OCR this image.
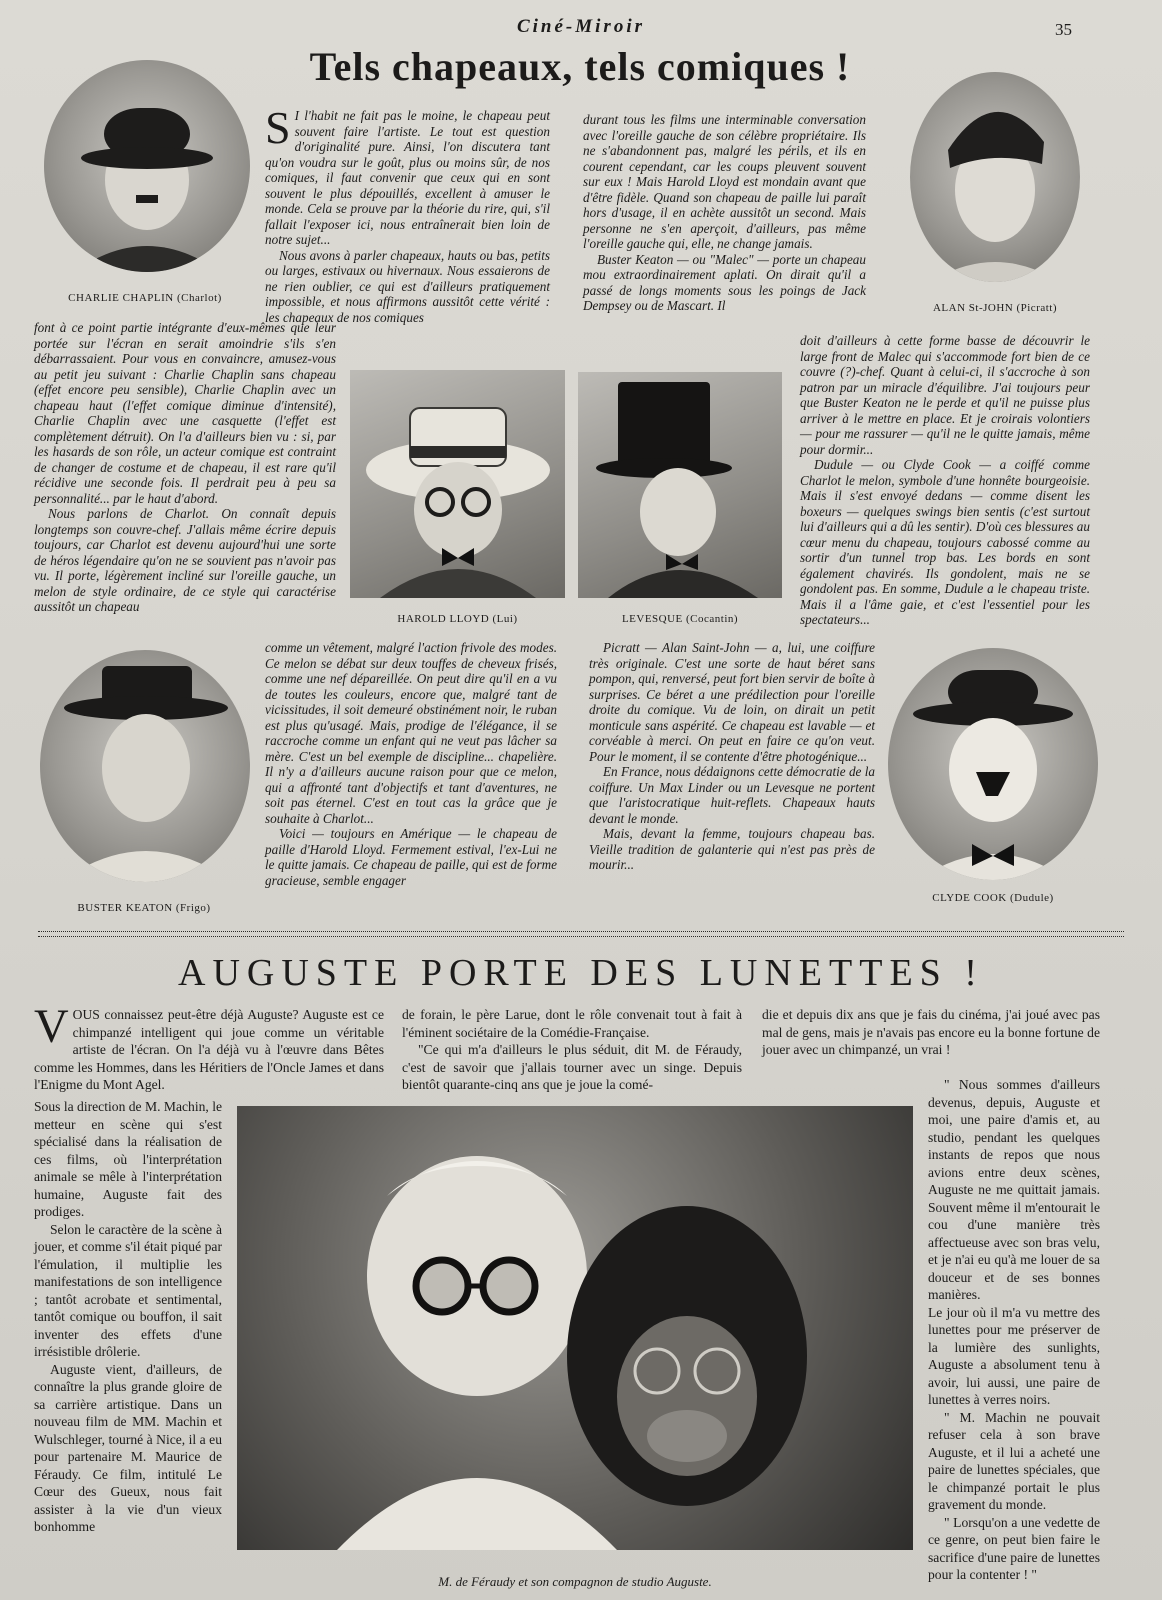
Ciné-Miroir	35
Tels chapeaux, tels comiques !
CHARLIE CHAPLIN (Charlot)
ALAN St-JOHN (Picratt)

S I l'habit ne fait pas le moine, le chapeau peut souvent faire l'artiste. Le tout est question d'originalité pure. Ainsi, l'on discutera tant qu'on voudra sur le goût, plus ou moins sûr, de nos comiques, il faut convenir que ceux qui en sont souvent le plus dépouillés, excellent à amuser le monde. Cela se prouve par la théorie du rire, qui, s'il fallait l'exposer ici, nous entraînerait bien loin de notre sujet...

Nous avons à parler chapeaux, hauts ou bas, petits ou larges, estivaux ou hivernaux. Nous essaierons de ne rien oublier, ce qui est d'ailleurs pratiquement impossible, et nous affirmons aussitôt cette vérité : les chapeaux de nos comiques

durant tous les films une interminable conversation avec l'oreille gauche de son célèbre propriétaire. Ils ne s'abandonnent pas, malgré les périls, et ils en courent cependant, car les coups pleuvent souvent sur eux ! Mais Harold Lloyd est mondain avant que d'être fidèle. Quand son chapeau de paille lui paraît hors d'usage, il en achète aussitôt un second. Mais personne ne s'en aperçoit, d'ailleurs, pas même l'oreille gauche qui, elle, ne change jamais.

Buster Keaton — ou "Malec" — porte un chapeau mou extraordinairement aplati. On dirait qu'il a passé de longs moments sous les poings de Jack Dempsey ou de Mascart. Il

font à ce point partie intégrante d'eux-mêmes que leur portée sur l'écran en serait amoindrie s'ils s'en débarrassaient. Pour vous en convaincre, amusez-vous au petit jeu suivant : Charlie Chaplin sans chapeau (effet encore peu sensible), Charlie Chaplin avec un chapeau haut (l'effet comique diminue d'intensité), Charlie Chaplin avec une casquette (l'effet est complètement détruit). On l'a d'ailleurs bien vu : si, par les hasards de son rôle, un acteur comique est contraint de changer de costume et de chapeau, il est rare qu'il récidive une seconde fois. Il perdrait peu à peu sa personnalité... par le haut d'abord.

Nous parlons de Charlot. On connaît depuis longtemps son couvre-chef. J'allais même écrire depuis toujours, car Charlot est devenu aujourd'hui une sorte de héros légendaire qu'on ne se souvient pas n'avoir pas vu. Il porte, légèrement incliné sur l'oreille gauche, un melon de style ordinaire, de ce style qui caractérise aussitôt un chapeau

doit d'ailleurs à cette forme basse de découvrir le large front de Malec qui s'accommode fort bien de ce couvre (?)-chef. Quant à celui-ci, il s'accroche à son patron par un miracle d'équilibre. J'ai toujours peur que Buster Keaton ne le perde et qu'il ne puisse plus arriver à le mettre en place. Et je croirais volontiers — pour me rassurer — qu'il ne le quitte jamais, même pour dormir...

Dudule — ou Clyde Cook — a coiffé comme Charlot le melon, symbole d'une honnête bourgeoisie. Mais il s'est envoyé dedans — comme disent les boxeurs — quelques swings bien sentis (c'est surtout lui d'ailleurs qui a dû les sentir). D'où ces blessures au cœur menu du chapeau, toujours cabossé comme au sortir d'un tunnel trop bas. Les bords en sont également chavirés. Ils gondolent, mais ne se gondolent pas. En somme, Dudule a le chapeau triste. Mais il a l'âme gaie, et c'est l'essentiel pour les spectateurs...

HAROLD LLOYD (Lui)	LEVESQUE (Cocantin)

comme un vêtement, malgré l'action frivole des modes. Ce melon se débat sur deux touffes de cheveux frisés, comme une nef dépareillée. On peut dire qu'il en a vu de toutes les couleurs, encore que, malgré tant de vicissitudes, il soit demeuré obstinément noir, le ruban est plus qu'usagé. Mais, prodige de l'élégance, il se raccroche comme un enfant qui ne veut pas lâcher sa mère. C'est un bel exemple de discipline... chapelière. Il n'y a d'ailleurs aucune raison pour que ce melon, qui a affronté tant d'objectifs et tant d'aventures, ne soit pas éternel. C'est en tout cas la grâce que je souhaite à Charlot...

Voici — toujours en Amérique — le chapeau de paille d'Harold Lloyd. Fermement estival, l'ex-Lui ne le quitte jamais. Ce chapeau de paille, qui est de forme gracieuse, semble engager

Picratt — Alan Saint-John — a, lui, une coiffure très originale. C'est une sorte de haut béret sans pompon, qui, renversé, peut fort bien servir de boîte à surprises. Ce béret a une prédilection pour l'oreille droite du comique. Vu de loin, on dirait un petit monticule sans aspérité. Ce chapeau est lavable — et corvéable à merci. On peut en faire ce qu'on veut. Pour le moment, il se contente d'être photogénique...

En France, nous dédaignons cette démocratie de la coiffure. Un Max Linder ou un Levesque ne portent que l'aristocratique huit-reflets. Chapeaux hauts devant le monde.

Mais, devant la femme, toujours chapeau bas. Vieille tradition de galanterie qui n'est pas près de mourir...

BUSTER KEATON (Frigo)
CLYDE COOK (Dudule)
AUGUSTE PORTE DES LUNETTES !

VOUS connaissez peut-être déjà Auguste? Auguste est ce chimpanzé intelligent qui joue comme un véritable artiste de l'écran. On l'a déjà vu à l'œuvre dans Bêtes comme les Hommes, dans les Héritiers de l'Oncle James et dans l'Enigme du Mont Agel.

Sous la direction de M. Machin, le metteur en scène qui s'est spécialisé dans la réalisation de ces films, où l'interprétation animale se mêle à l'interprétation humaine, Auguste fait des prodiges.

Selon le caractère de la scène à jouer, et comme s'il était piqué par l'émulation, il multiplie les manifestations de son intelligence ; tantôt acrobate et sentimental, tantôt comique ou bouffon, il sait inventer des effets d'une irrésistible drôlerie.

Auguste vient, d'ailleurs, de connaître la plus grande gloire de sa carrière artistique. Dans un nouveau film de MM. Machin et Wulschleger, tourné à Nice, il a eu pour partenaire M. Maurice de Féraudy. Ce film, intitulé Le Cœur des Gueux, nous fait assister à la vie d'un vieux bonhomme

de forain, le père Larue, dont le rôle convenait tout à fait à l'éminent sociétaire de la Comédie-Française.

"Ce qui m'a d'ailleurs le plus séduit, dit M. de Féraudy, c'est de savoir que j'allais tourner avec un singe. Depuis bientôt quarante-cinq ans que je joue la comé-

die et depuis dix ans que je fais du cinéma, j'ai joué avec pas mal de gens, mais je n'avais pas encore eu la bonne fortune de jouer avec un chimpanzé, un vrai !

" Nous sommes d'ailleurs devenus, depuis, Auguste et moi, une paire d'amis et, au studio, pendant les quelques instants de repos que nous avions entre deux scènes, Auguste ne me quittait jamais. Souvent même il m'entourait le cou d'une manière très affectueuse avec son bras velu, et je n'ai eu qu'à me louer de sa douceur et de ses bonnes manières.

Le jour où il m'a vu mettre des lunettes pour me préserver de la lumière des sunlights, Auguste a absolument tenu à avoir, lui aussi, une paire de lunettes à verres noirs.

" M. Machin ne pouvait refuser cela à son brave Auguste, et il lui a acheté une paire de lunettes spéciales, que le chimpanzé portait le plus gravement du monde.

" Lorsqu'on a une vedette de ce genre, on peut bien faire le sacrifice d'une paire de lunettes pour la contenter ! "

M. de Féraudy et son compagnon de studio Auguste.
